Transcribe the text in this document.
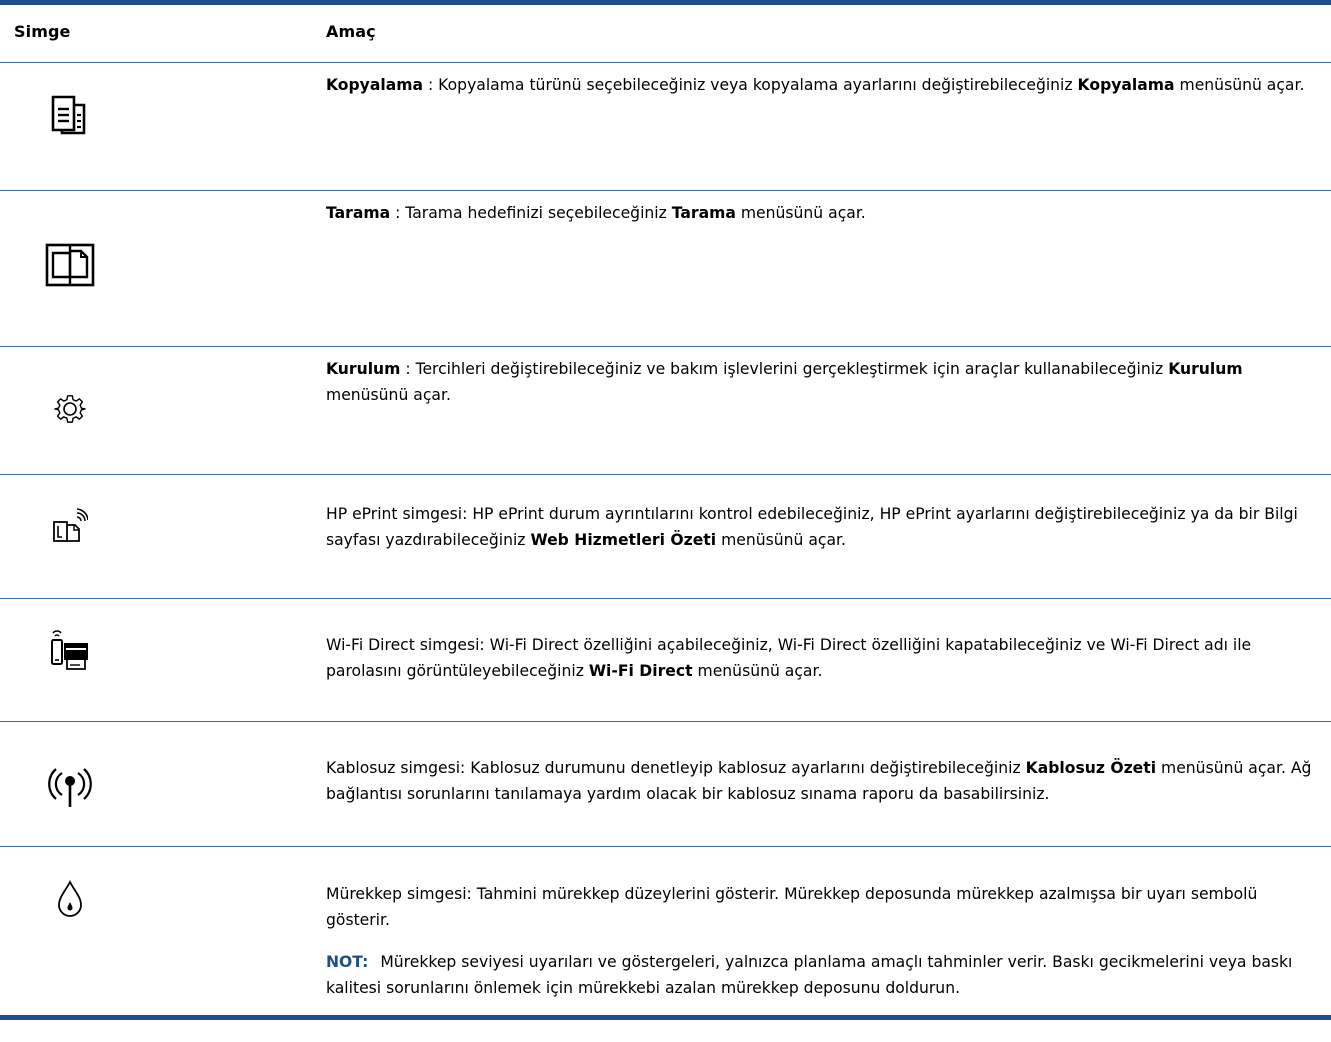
Simge	Amaç
Kopyalama : Kopyalama türünü seçebileceğiniz veya kopyalama ayarlarını değiştirebileceğiniz Kopyalama menüsünü açar.
Tarama : Tarama hedefinizi seçebileceğiniz Tarama menüsünü açar.
Kurulum : Tercihleri değiştirebileceğiniz ve bakım işlevlerini gerçekleştirmek için araçlar kullanabileceğiniz Kurulum menüsünü açar.
HP ePrint simgesi: HP ePrint durum ayrıntılarını kontrol edebileceğiniz, HP ePrint ayarlarını değiştirebileceğiniz ya da bir Bilgi sayfası yazdırabileceğiniz Web Hizmetleri Özeti menüsünü açar.
Wi-Fi Direct simgesi: Wi-Fi Direct özelliğini açabileceğiniz, Wi-Fi Direct özelliğini kapatabileceğiniz ve Wi-Fi Direct adı ile parolasını görüntüleyebileceğiniz Wi-Fi Direct menüsünü açar.
Kablosuz simgesi: Kablosuz durumunu denetleyip kablosuz ayarlarını değiştirebileceğiniz Kablosuz Özeti menüsünü açar. Ağ bağlantısı sorunlarını tanılamaya yardım olacak bir kablosuz sınama raporu da basabilirsiniz.
Mürekkep simgesi: Tahmini mürekkep düzeylerini gösterir. Mürekkep deposunda mürekkep azalmışsa bir uyarı sembolü gösterir.
NOT: Mürekkep seviyesi uyarıları ve göstergeleri, yalnızca planlama amaçlı tahminler verir. Baskı gecikmelerini veya baskı kalitesi sorunlarını önlemek için mürekkebi azalan mürekkep deposunu doldurun.
